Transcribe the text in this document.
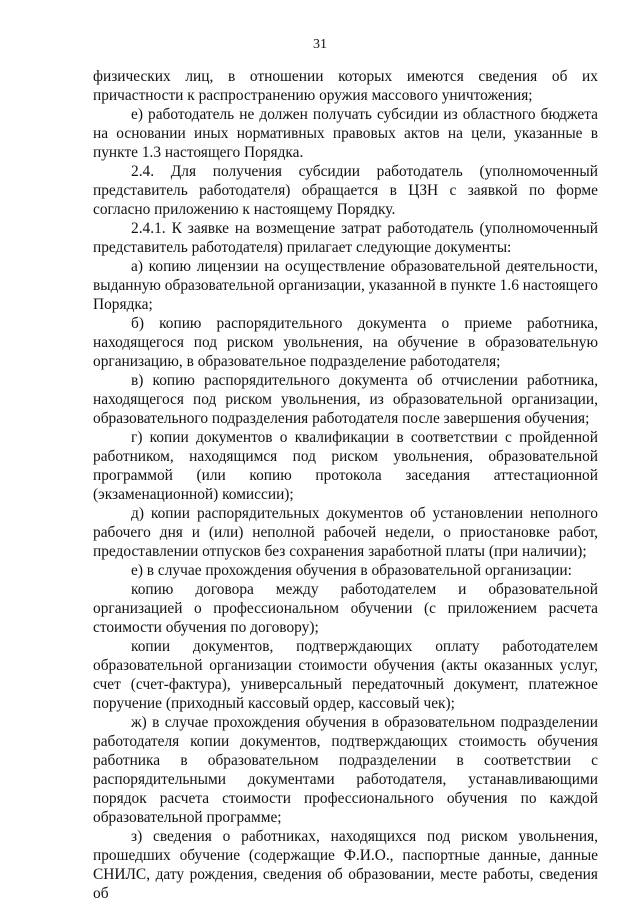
31

физических лиц, в отношении которых имеются сведения об их причастности к распространению оружия массового уничтожения;

е) работодатель не должен получать субсидии из областного бюджета на основании иных нормативных правовых актов на цели, указанные в пункте 1.3 настоящего Порядка.

2.4. Для получения субсидии работодатель (уполномоченный представитель работодателя) обращается в ЦЗН с заявкой по форме согласно приложению к настоящему Порядку.

2.4.1. К заявке на возмещение затрат работодатель (уполномоченный представитель работодателя) прилагает следующие документы:

а) копию лицензии на осуществление образовательной деятельности, выданную образовательной организации, указанной в пункте 1.6 настоящего Порядка;

б) копию распорядительного документа о приеме работника, находящегося под риском увольнения, на обучение в образовательную организацию, в образовательное подразделение работодателя;

в) копию распорядительного документа об отчислении работника, находящегося под риском увольнения, из образовательной организации, образовательного подразделения работодателя после завершения обучения;

г) копии документов о квалификации в соответствии с пройденной работником, находящимся под риском увольнения, образовательной программой (или копию протокола заседания аттестационной (экзаменационной) комиссии);

д) копии распорядительных документов об установлении неполного рабочего дня и (или) неполной рабочей недели, о приостановке работ, предоставлении отпусков без сохранения заработной платы (при наличии);

е) в случае прохождения обучения в образовательной организации:

копию договора между работодателем и образовательной организацией о профессиональном обучении (с приложением расчета стоимости обучения по договору);

копии документов, подтверждающих оплату работодателем образовательной организации стоимости обучения (акты оказанных услуг, счет (счет-фактура), универсальный передаточный документ, платежное поручение (приходный кассовый ордер, кассовый чек);

ж) в случае прохождения обучения в образовательном подразделении работодателя копии документов, подтверждающих стоимость обучения работника в образовательном подразделении в соответствии с распорядительными документами работодателя, устанавливающими порядок расчета стоимости профессионального обучения по каждой образовательной программе;

з) сведения о работниках, находящихся под риском увольнения, прошедших обучение (содержащие Ф.И.О., паспортные данные, данные СНИЛС, дату рождения, сведения об образовании, месте работы, сведения об
